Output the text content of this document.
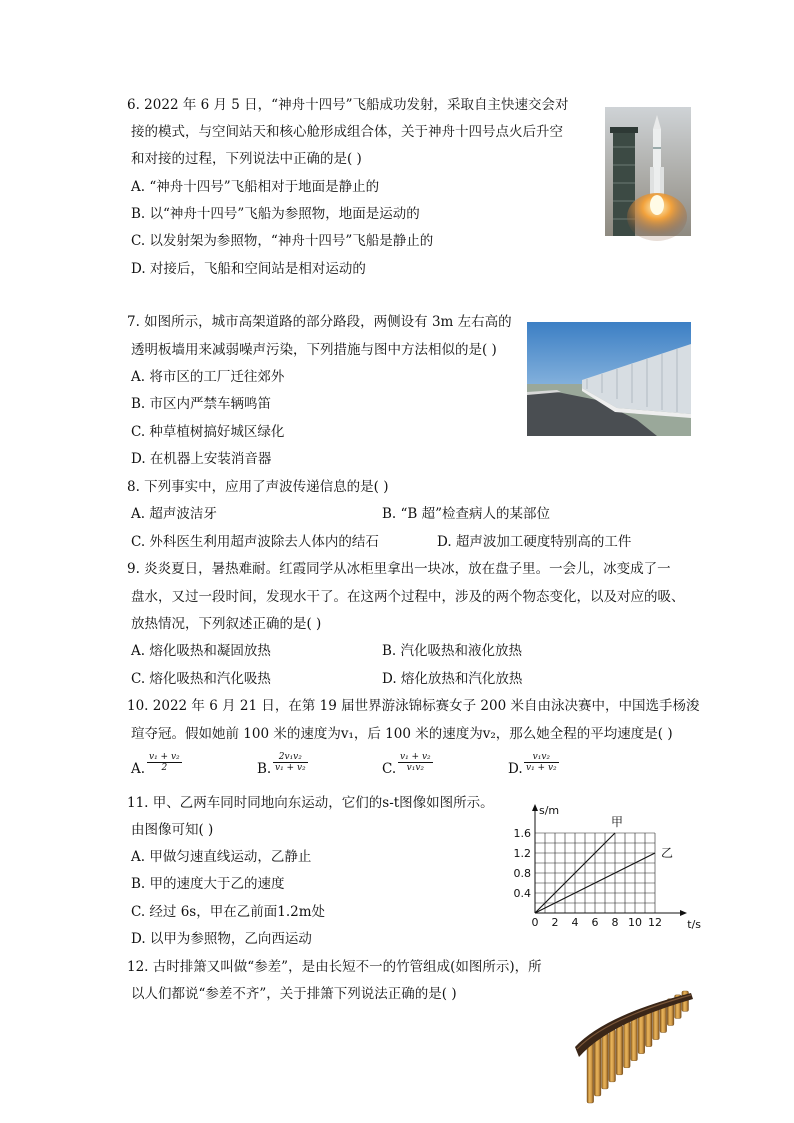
6. 2022 年 6 月 5 日，“神舟十四号”飞船成功发射，采取自主快速交会对
接的模式，与空间站天和核心舱形成组合体，关于神舟十四号点火后升空
和对接的过程，下列说法中正确的是( )
A. “神舟十四号”飞船相对于地面是静止的
B. 以“神舟十四号”飞船为参照物，地面是运动的
C. 以发射架为参照物，“神舟十四号”飞船是静止的
D. 对接后，飞船和空间站是相对运动的
7. 如图所示，城市高架道路的部分路段，两侧设有 3m 左右高的
透明板墙用来减弱噪声污染，下列措施与图中方法相似的是( )
A. 将市区的工厂迁往郊外
B. 市区内严禁车辆鸣笛
C. 种草植树搞好城区绿化
D. 在机器上安装消音器
8. 下列事实中，应用了声波传递信息的是( )
A. 超声波洁牙	B. “B 超”检查病人的某部位
C. 外科医生利用超声波除去人体内的结石	D. 超声波加工硬度特别高的工件
9. 炎炎夏日，暑热难耐。红霞同学从冰柜里拿出一块冰，放在盘子里。一会儿，冰变成了一
盘水，又过一段时间，发现水干了。在这两个过程中，涉及的两个物态变化，以及对应的吸、
放热情况，下列叙述正确的是( )
A. 熔化吸热和凝固放热	B. 汽化吸热和液化放热
C. 熔化吸热和汽化吸热	D. 熔化放热和汽化放热
10. 2022 年 6 月 21 日，在第 19 届世界游泳锦标赛女子 200 米自由泳决赛中，中国选手杨浚
瑄夺冠。假如她前 100 米的速度为v₁，后 100 米的速度为v₂，那么她全程的平均速度是( )
A. $\frac{\text{v₁ + v₂}}{2}$	B. $\frac{\text{2v₁v₂}}{\text{v₁ + v₂}}$	C. $\frac{\text{v₁ + v₂}}{\text{v₁v₂}}$	D. $\frac{\text{v₁v₂}}{\text{v₁ + v₂}}$
11. 甲、乙两车同时同地向东运动，它们的s-t图像如图所示。
由图像可知( )
A. 甲做匀速直线运动，乙静止
B. 甲的速度大于乙的速度
C. 经过 6s，甲在乙前面1.2m处
D. 以甲为参照物，乙向西运动
0 2 4 6 8 10 12
0.4
0.8
1.2
1.6
t/s
s/m
甲
乙
12. 古时排箫又叫做“参差”，是由长短不一的竹管组成(如图所示)，所
以人们都说“参差不齐”，关于排箫下列说法正确的是( )
